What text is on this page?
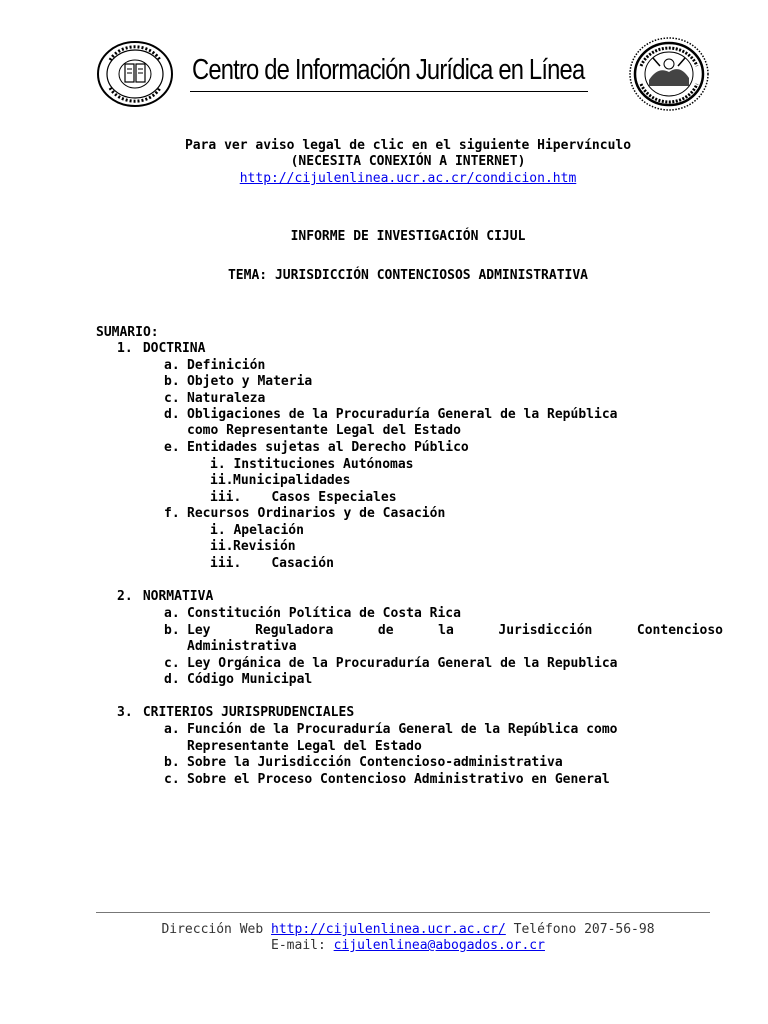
Centro de Información Jurídica en Línea
Para ver aviso legal de clic en el siguiente Hipervínculo
(NECESITA CONEXIÓN A INTERNET)
http://cijulenlinea.ucr.ac.cr/condicion.htm
INFORME DE INVESTIGACIÓN CIJUL
TEMA: JURISDICCIÓN CONTENCIOSOS ADMINISTRATIVA
SUMARIO:
1. DOCTRINA
a. Definición
b. Objeto y Materia
c. Naturaleza
d. Obligaciones de la Procuraduría General de la República
como Representante Legal del Estado
e. Entidades sujetas al Derecho Público
i. Instituciones Autónomas
ii.Municipalidades
iii. Casos Especiales
f. Recursos Ordinarios y de Casación
i. Apelación
ii.Revisión
iii. Casación
2. NORMATIVA
a. Constitución Política de Costa Rica
b. Ley	Reguladora	de	la	Jurisdicción	Contencioso
Administrativa
c. Ley Orgánica de la Procuraduría General de la Republica
d. Código Municipal
3. CRITERIOS JURISPRUDENCIALES
a. Función de la Procuraduría General de la República como
Representante Legal del Estado
b. Sobre la Jurisdicción Contencioso-administrativa
c. Sobre el Proceso Contencioso Administrativo en General
Dirección Web http://cijulenlinea.ucr.ac.cr/ Teléfono 207-56-98
E-mail: cijulenlinea@abogados.or.cr
